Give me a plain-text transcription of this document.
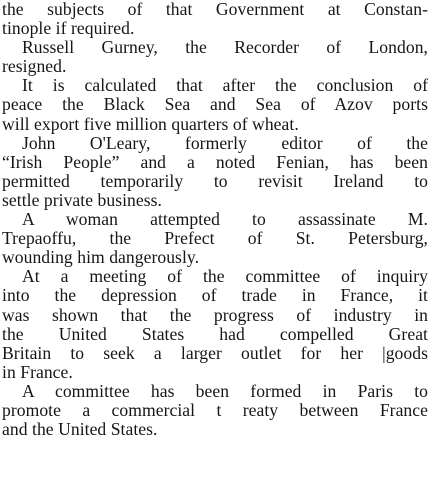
the subjects of that Government at Constan-
tinople if required.
Russell Gurney, the Recorder of London,
resigned.
It is calculated that after the conclusion of
peace the Black Sea and Sea of Azov ports
will export five million quarters of wheat.
John O'Leary, formerly editor of the
“Irish People” and a noted Fenian, has been
permitted temporarily to revisit Ireland to
settle private business.
A woman attempted to assassinate M.
Trepaoffu, the Prefect of St. Petersburg,
wounding him dangerously.
At a meeting of the committee of inquiry
into the depression of trade in France, it
was shown that the progress of industry in
the United States had compelled Great
Britain to seek a larger outlet for her |goods
in France.
A committee has been formed in Paris to
promote a commercial t reaty between France
and the United States.
